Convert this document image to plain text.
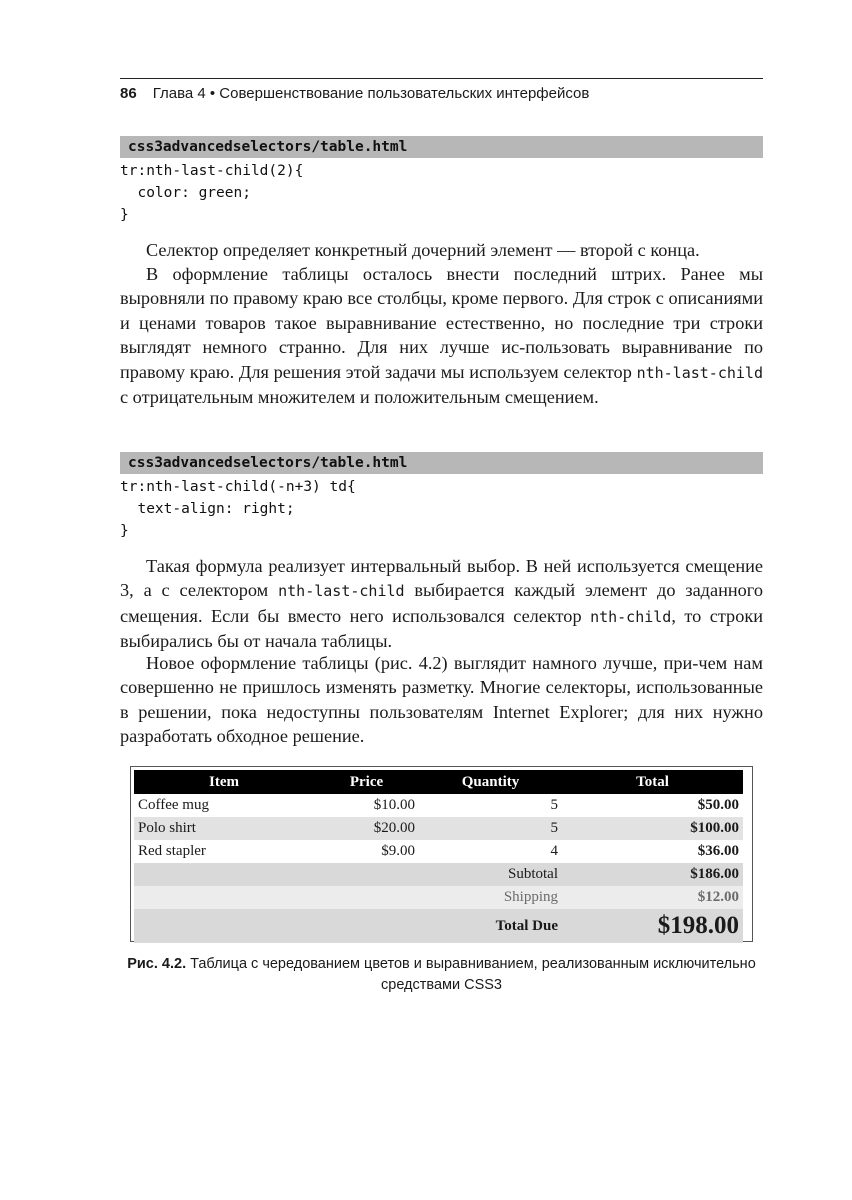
86 Глава 4 • Совершенствование пользовательских интерфейсов
css3advancedselectors/table.html
tr:nth-last-child(2){
color: green;
}

Селектор определяет конкретный дочерний элемент — второй с конца.

В оформление таблицы осталось внести последний штрих. Ранее мы выровняли по правому краю все столбцы, кроме первого. Для строк с описаниями и ценами товаров такое выравнивание естественно, но последние три строки выглядят немного странно. Для них лучше ис-пользовать выравнивание по правому краю. Для решения этой задачи мы используем селектор nth-last-child с отрицательным множителем и положительным смещением.

css3advancedselectors/table.html
tr:nth-last-child(-n+3) td{
text-align: right;
}

Такая формула реализует интервальный выбор. В ней используется смещение 3, а с селектором nth-last-child выбирается каждый элемент до заданного смещения. Если бы вместо него использовался селектор nth-child, то строки выбирались бы от начала таблицы.

Новое оформление таблицы (рис. 4.2) выглядит намного лучше, при-чем нам совершенно не пришлось изменять разметку. Многие селекторы, использованные в решении, пока недоступны пользователям Internet Explorer; для них нужно разработать обходное решение.

Item	Price	Quantity	Total
Coffee mug	$10.00	5	$50.00
Polo shirt	$20.00	5	$100.00
Red stapler	$9.00	4	$36.00
Subtotal			$186.00
Shipping			$12.00
Total Due			$198.00
Рис. 4.2. Таблица с чередованием цветов и выравниванием, реализованным исключительно средствами CSS3
